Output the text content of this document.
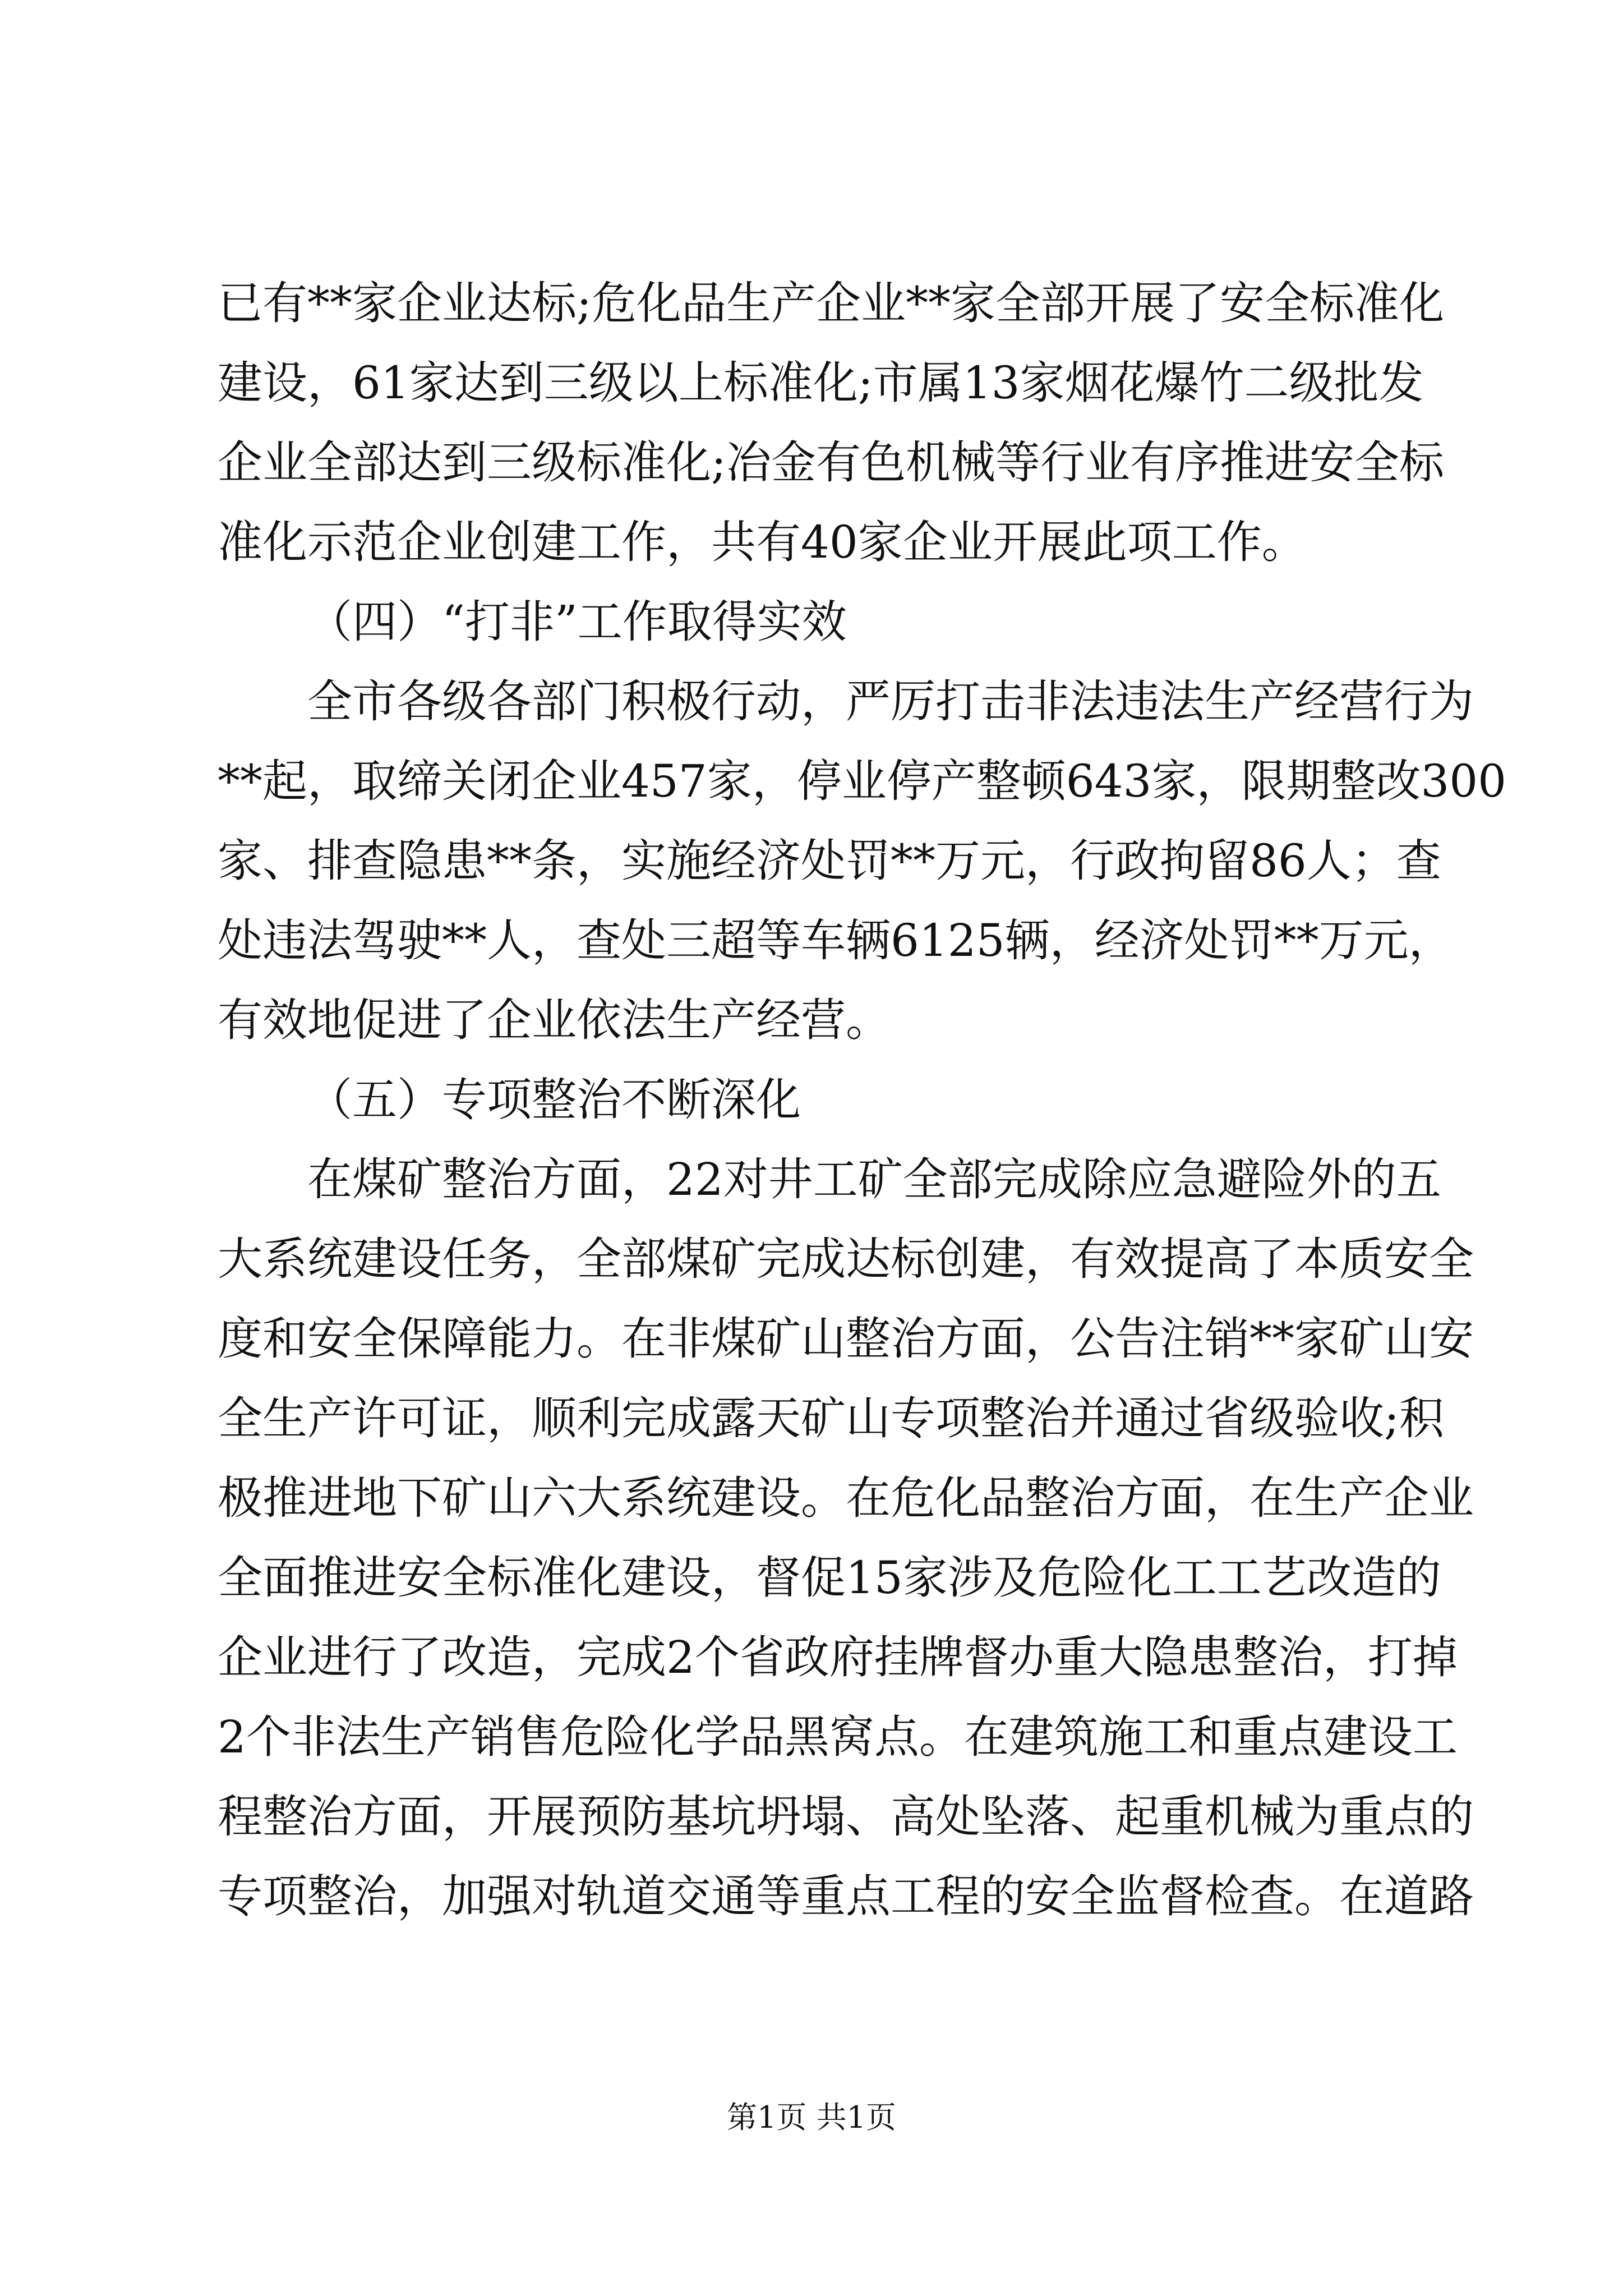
已有**家企业达标;危化品生产企业**家全部开展了安全标准化
建设，61家达到三级以上标准化;市属13家烟花爆竹二级批发
企业全部达到三级标准化;冶金有色机械等行业有序推进安全标
准化示范企业创建工作，共有40家企业开展此项工作。
（四）“打非”工作取得实效
全市各级各部门积极行动，严厉打击非法违法生产经营行为
**起，取缔关闭企业457家，停业停产整顿643家，限期整改300
家、排查隐患**条，实施经济处罚**万元，行政拘留86人；查
处违法驾驶**人，查处三超等车辆6125辆，经济处罚**万元，
有效地促进了企业依法生产经营。
（五）专项整治不断深化
在煤矿整治方面，22对井工矿全部完成除应急避险外的五
大系统建设任务，全部煤矿完成达标创建，有效提高了本质安全
度和安全保障能力。在非煤矿山整治方面，公告注销**家矿山安
全生产许可证，顺利完成露天矿山专项整治并通过省级验收;积
极推进地下矿山六大系统建设。在危化品整治方面，在生产企业
全面推进安全标准化建设，督促15家涉及危险化工工艺改造的
企业进行了改造，完成2个省政府挂牌督办重大隐患整治，打掉
2个非法生产销售危险化学品黑窝点。在建筑施工和重点建设工
程整治方面，开展预防基坑坍塌、高处坠落、起重机械为重点的
专项整治，加强对轨道交通等重点工程的安全监督检查。在道路
第1页 共1页
